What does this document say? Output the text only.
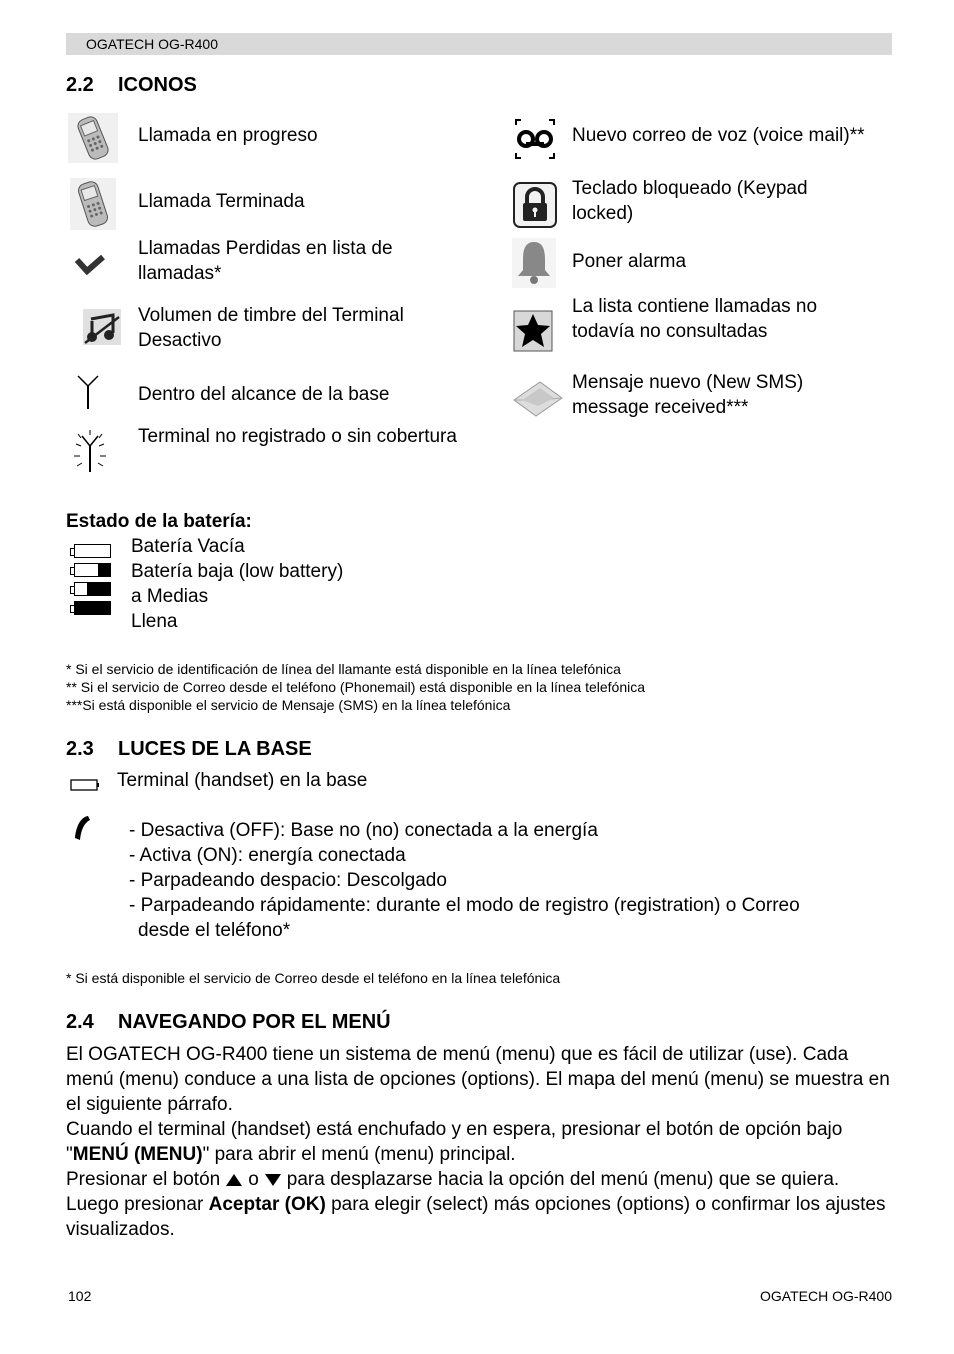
OGATECH OG-R400
2.2 ICONOS
Llamada en progreso
Llamada Terminada
Llamadas Perdidas en lista de llamadas*
Volumen de timbre del Terminal Desactivo
Dentro del alcance de la base
Terminal no registrado o sin cobertura
Nuevo correo de voz (voice mail)**
Teclado bloqueado (Keypad locked)
Poner alarma
La lista contiene llamadas no todavía no consultadas
Mensaje nuevo (New SMS) message received***
Estado de la batería:
Batería Vacía
Batería baja (low battery)
a Medias
Llena
* Si el servicio de identificación de línea del llamante está disponible en la línea telefónica
** Si el servicio de Correo desde el teléfono (Phonemail) está disponible en la línea telefónica
***Si está disponible el servicio de Mensaje (SMS) en la línea telefónica
2.3 LUCES DE LA BASE
Terminal (handset) en la base
- Desactiva (OFF): Base no (no) conectada a la energía
- Activa (ON): energía conectada
- Parpadeando despacio: Descolgado
- Parpadeando rápidamente: durante el modo de registro (registration) o Correo
desde el teléfono*
* Si está disponible el servicio de Correo desde el teléfono en la línea telefónica
2.4 NAVEGANDO POR EL MENÚ

El OGATECH OG-R400 tiene un sistema de menú (menu) que es fácil de utilizar (use). Cada menú (menu) conduce a una lista de opciones (options). El mapa del menú (menu) se muestra en el siguiente párrafo.

Cuando el terminal (handset) está enchufado y en espera, presionar el botón de opción bajo "MENÚ (MENU)" para abrir el menú (menu) principal.

Presionar el botón o para desplazarse hacia la opción del menú (menu) que se quiera.

Luego presionar Aceptar (OK) para elegir (select) más opciones (options) o confirmar los ajustes visualizados.

102	OGATECH OG-R400
